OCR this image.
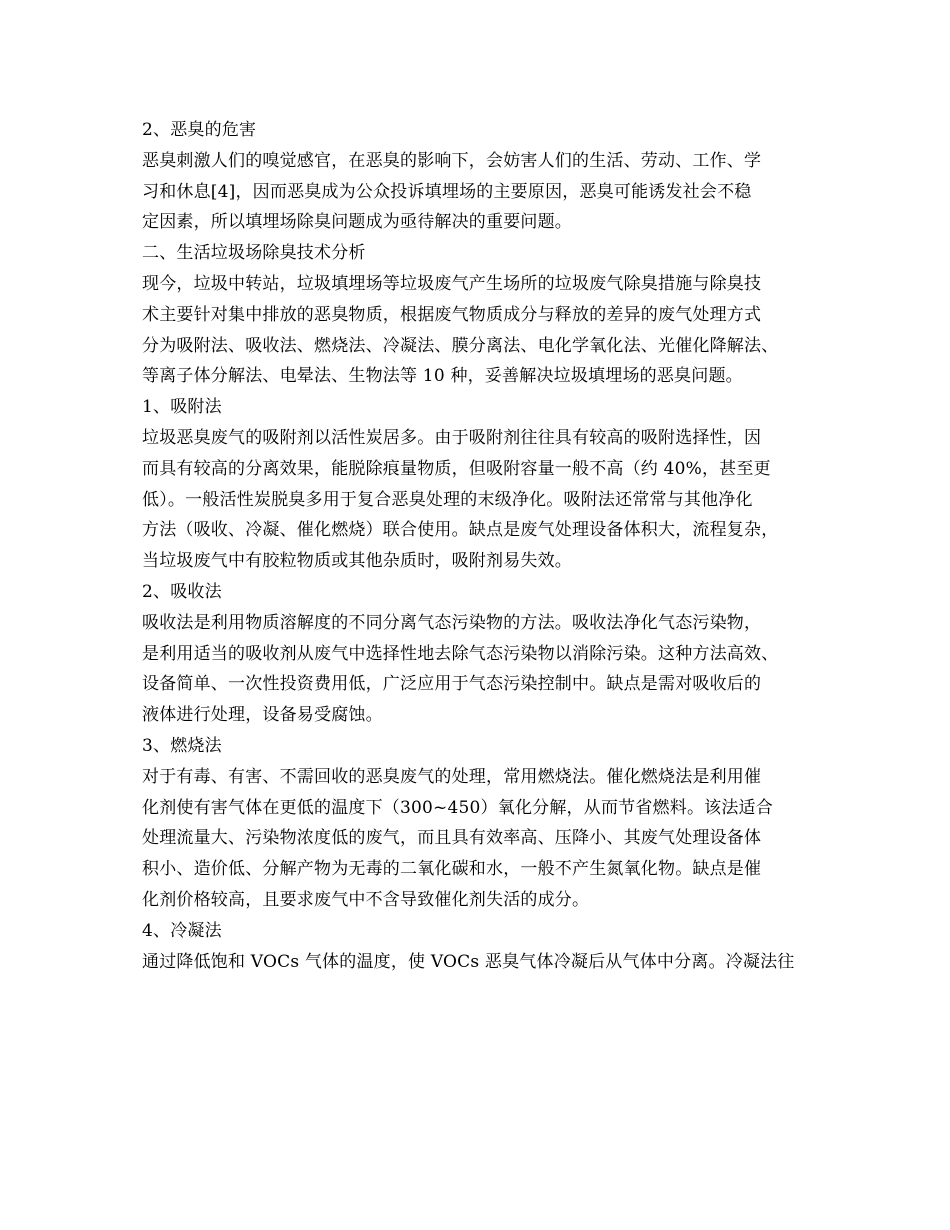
2、恶臭的危害
恶臭刺激人们的嗅觉感官，在恶臭的影响下，会妨害人们的生活、劳动、工作、学
习和休息[4]，因而恶臭成为公众投诉填埋场的主要原因，恶臭可能诱发社会不稳
定因素，所以填埋场除臭问题成为亟待解决的重要问题。
二、生活垃圾场除臭技术分析
现今，垃圾中转站，垃圾填埋场等垃圾废气产生场所的垃圾废气除臭措施与除臭技
术主要针对集中排放的恶臭物质，根据废气物质成分与释放的差异的废气处理方式
分为吸附法、吸收法、燃烧法、冷凝法、膜分离法、电化学氧化法、光催化降解法、
等离子体分解法、电晕法、生物法等 10 种，妥善解决垃圾填埋场的恶臭问题。
1、吸附法
垃圾恶臭废气的吸附剂以活性炭居多。由于吸附剂往往具有较高的吸附选择性，因
而具有较高的分离效果，能脱除痕量物质，但吸附容量一般不高（约 40%，甚至更
低）。一般活性炭脱臭多用于复合恶臭处理的末级净化。吸附法还常常与其他净化
方法（吸收、冷凝、催化燃烧）联合使用。缺点是废气处理设备体积大，流程复杂，
当垃圾废气中有胶粒物质或其他杂质时，吸附剂易失效。
2、吸收法
吸收法是利用物质溶解度的不同分离气态污染物的方法。吸收法净化气态污染物，
是利用适当的吸收剂从废气中选择性地去除气态污染物以消除污染。这种方法高效、
设备简单、一次性投资费用低，广泛应用于气态污染控制中。缺点是需对吸收后的
液体进行处理，设备易受腐蚀。
3、燃烧法
对于有毒、有害、不需回收的恶臭废气的处理，常用燃烧法。催化燃烧法是利用催
化剂使有害气体在更低的温度下（300~450）氧化分解，从而节省燃料。该法适合
处理流量大、污染物浓度低的废气，而且具有效率高、压降小、其废气处理设备体
积小、造价低、分解产物为无毒的二氧化碳和水，一般不产生氮氧化物。缺点是催
化剂价格较高，且要求废气中不含导致催化剂失活的成分。
4、冷凝法
通过降低饱和 VOCs 气体的温度，使 VOCs 恶臭气体冷凝后从气体中分离。冷凝法往
